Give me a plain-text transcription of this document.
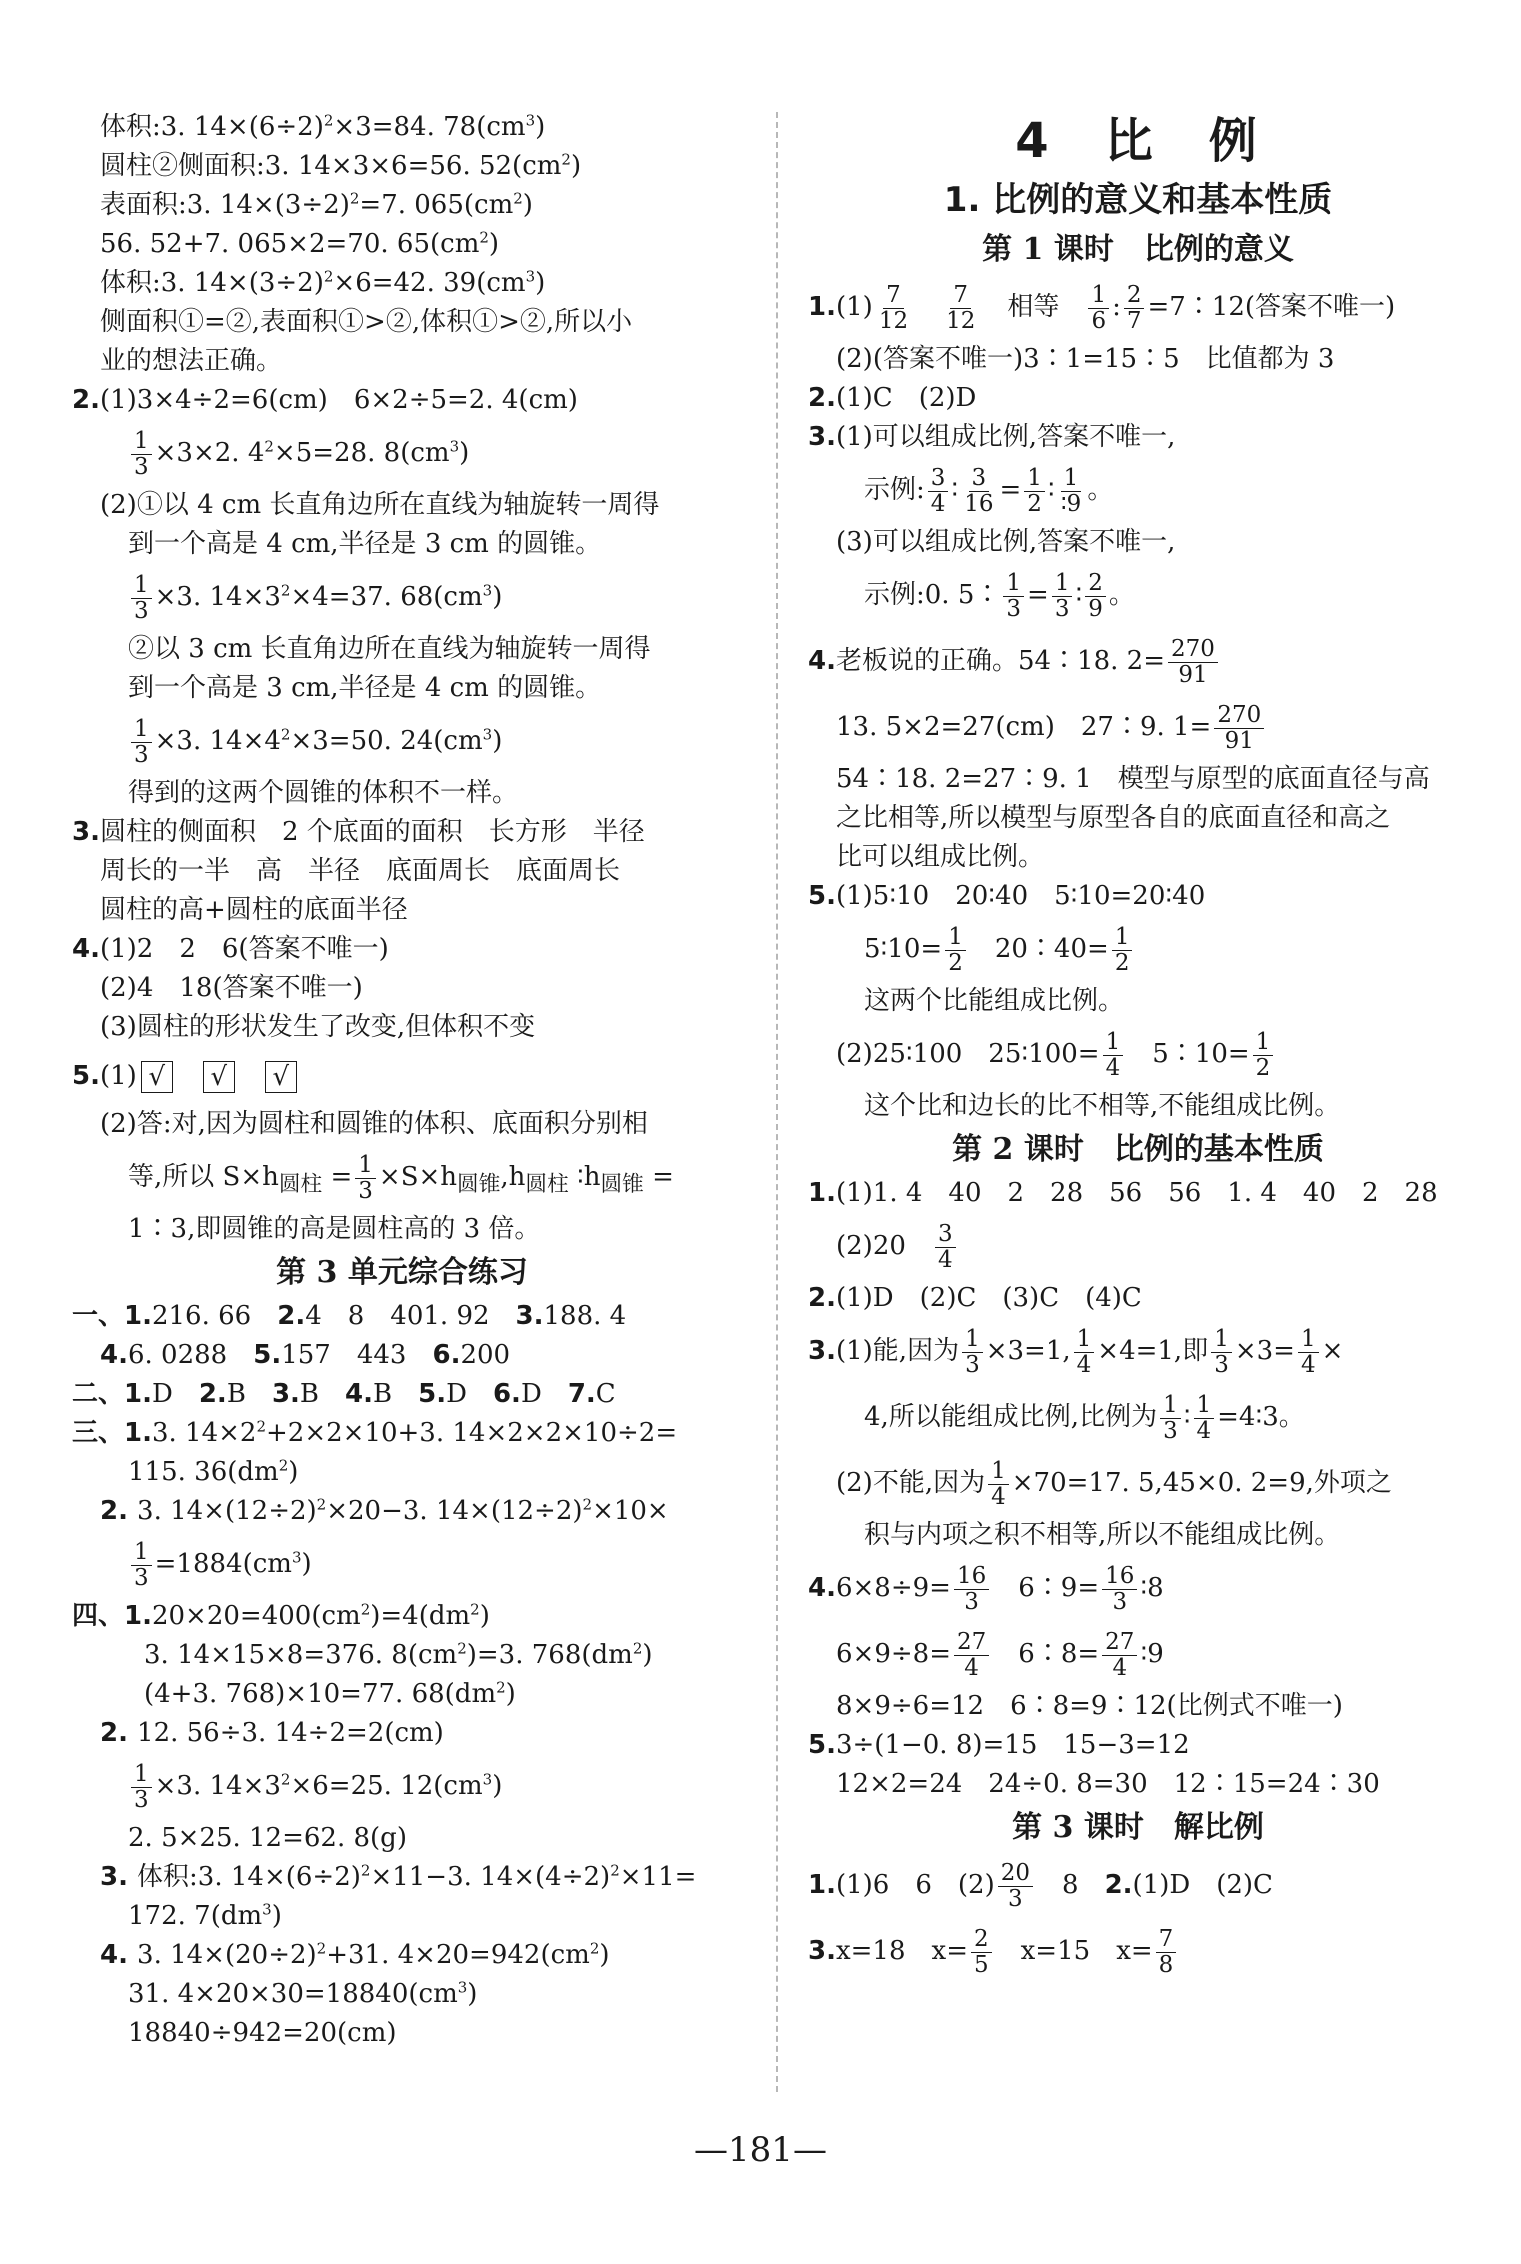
体积:3. $14\times(6\div 2)^2\times 3=84$. $78(cm^3)$
圆柱②侧面积:3. 14×3×6=56. $52(cm^2)$
表面积:3. $14\times(3\div 2)^2=7$. $065(cm^2)$
56. 52+7. 065×2=70. $65(cm^2)$
体积:3. $14\times(3\div 2)^2\times 6=42$. $39(cm^3)$
侧面积①=②,表面积①>②,体积①>②,所以小
业的想法正确。
2.(1)3×4÷2=6(cm)　6×2÷5=2. 4(cm)
$\frac{1}{3} \times 3\times 2$. $4^2\times 5=28$. $8(cm^3)$
(2)①以 4 cm 长直角边所在直线为轴旋转一周得
到一个高是 4 cm,半径是 3 cm 的圆锥。
$\frac{1}{3} \times 3$. $14\times 3^2\times 4=37$. $68(cm^3)$
②以 3 cm 长直角边所在直线为轴旋转一周得
到一个高是 3 cm,半径是 4 cm 的圆锥。
$\frac{1}{3} \times 3$. $14\times 4^2\times 3=50$. $24(cm^3)$
得到的这两个圆锥的体积不一样。
3.圆柱的侧面积　2 个底面的面积　长方形　半径
周长的一半　高　半径　底面周长　底面周长
圆柱的高+圆柱的底面半径
4.(1)2　2　6(答案不唯一)
(2)4　18(答案不唯一)
(3)圆柱的形状发生了改变,但体积不变
5.(1) √ √ √
(2)答:对,因为圆柱和圆锥的体积、底面积分别相
等,所以 $S\times h_{圆柱} = \frac{1}{3} \times S\times h_{圆锥},h_{圆柱}$ $∶h_{圆锥}$ =
1∶3,即圆锥的高是圆柱高的 3 倍。
第 3 单元综合练习
一、1.216. 66　 2.4　8　401. 92　 3.188. 4
4.6. 0288　 5.157　443　 6.200
二、1.D　 2.B　 3.B　 4.B　 5.D　 6.D　 7.C
三、1.3. $14\times 2^2+2\times 2\times 10+3$. 14×2×2×10÷2=
115. $36(dm^2)$
2. 3. $14\times(12\div 2)^2\times 20-3$. $14\times(12\div 2)^2\times 10\times$
$\frac{1}{3} =1884(cm^3)$
四、$1.20\times 20=400(cm^2)=4(dm^2)$
3. 14×15×8=376. $8(cm^2)=3$. $768(dm^2)$
(4+3. 768)×10=77. $68(dm^2)$
2. 12. 56÷3. 14÷2=2(cm)
$\frac{1}{3} \times 3$. $14\times 3^2\times 6=25$. $12(cm^3)$
2. 5×25. 12=62. 8(g)
3. 体积:3. $14\times(6\div 2)^2\times 11-3$. $14\times(4\div 2)^2\times 11=$
172. $7(dm^3)$
4. 3. $14\times(20\div 2)^2+31$. $4\times 20=942(cm^2)$
31. $4\times 20\times 30=18840(cm^3)$
18840÷942=20(cm)
4　比　例
1. 比例的意义和基本性质
第 1 课时　比例的意义
$1.(1) \frac{7}{12}$
　 $\frac{7}{12}$
　 相等　 $\frac{1}{6}$ : $\frac{2}{7}$ =7∶12(答案不唯一)
(2)(答案不唯一)3∶1=15∶5　比值都为 3
2.(1)C　(2)D
3.(1)可以组成比例,答案不唯一,
示例: $\frac{3}{4}$ ∶ $\frac{3}{16} = \frac{1}{2}$ ∶ $\frac{1}{∶9}$ 。
(3)可以组成比例,答案不唯一,
示例:0. 5∶ $\frac{1}{3} = \frac{1}{3}$ ∶ $\frac{2}{9}$ 。
4.老板说的正确。54∶18. $2= \frac{270}{91}$
13. 5×2=27(cm)　27∶9. $1= \frac{270}{91}$
54∶18. 2=27∶9. 1　模型与原型的底面直径与高
之比相等,所以模型与原型各自的底面直径和高之
比可以组成比例。
5.(1)5∶10　20∶40　5∶10=20∶40
5∶10= $\frac{1}{2}$
　 20∶40= $\frac{1}{2}$
这两个比能组成比例。
(2)25∶100　25∶100= $\frac{1}{4}$
　 5∶10= $\frac{1}{2}$
这个比和边长的比不相等,不能组成比例。
第 2 课时　比例的基本性质
1.(1)1. 4　40　2　28　56　56　1. 4　40　2　28
(2)20　 $\frac{3}{4}$
2.(1)D　(2)C　(3)C　(4)C
3.(1)能,因为 $\frac{1}{3} \times 3=1$, $\frac{1}{4} \times 4=1$,即 $\frac{1}{3} \times 3= \frac{1}{4}$ ×
4,所以能组成比例,比例为 $\frac{1}{3}$ ∶ $\frac{1}{4}$ =4∶3。
(2)不能,因为 $\frac{1}{4} \times 70=17$. 5,45×0. 2=9,外项之
积与内项之积不相等,所以不能组成比例。
$4.6\times 8\div 9= \frac{16}{3}$
　 6∶9= $\frac{16}{3}$ ∶8
$6\times 9\div 8= \frac{27}{4}$
　 6∶8= $\frac{27}{4}$ ∶9
8×9÷6=12　6∶8=9∶12(比例式不唯一)
5.3÷(1−0. 8)=15　15−3=12
12×2=24　24÷0. 8=30　12∶15=24∶30
第 3 课时　解比例
1.(1)6　6　$(2) \frac{20}{3}$
　 8　 2.(1)D　(2)C
3.x=18　 $x= \frac{2}{5}$
　 x=15　 $x= \frac{7}{8}$
—181—
